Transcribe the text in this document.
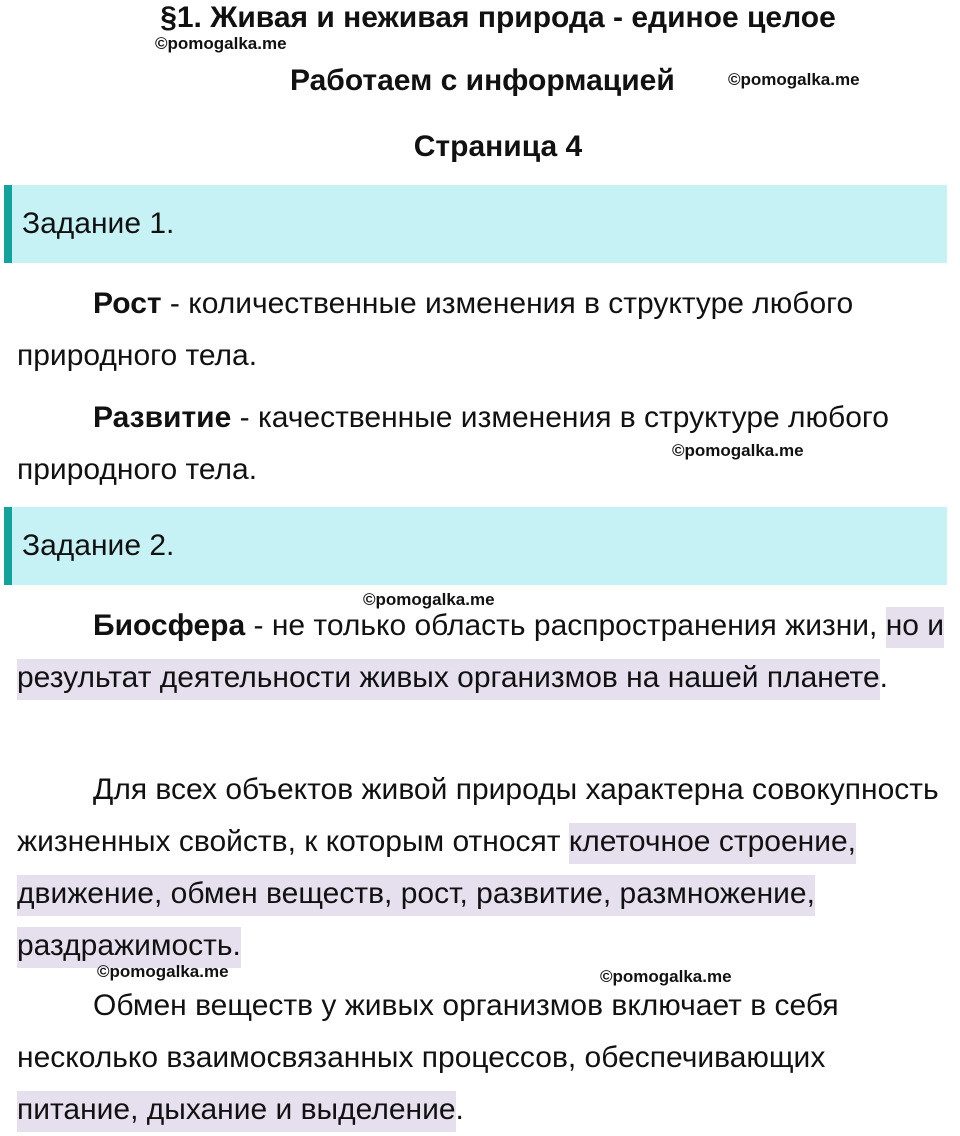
§1. Живая и неживая природа - единое целое
©pomogalka.me
Работаем с информацией	©pomogalka.me
Страница 4
Задание 1.

Рост - количественные изменения в структуре любого природного тела.

Развитие - качественные изменения в структуре любого природного тела.

©pomogalka.me
Задание 2.
©pomogalka.me

Биосфера - не только область распространения жизни, но и результат деятельности живых организмов на нашей планете.

Для всех объектов живой природы характерна совокупность жизненных свойств, к которым относят клеточное строение, движение, обмен веществ, рост, развитие, размножение, раздражимость.

©pomogalka.me	©pomogalka.me

Обмен веществ у живых организмов включает в себя несколько взаимосвязанных процессов, обеспечивающих питание, дыхание и выделение.
